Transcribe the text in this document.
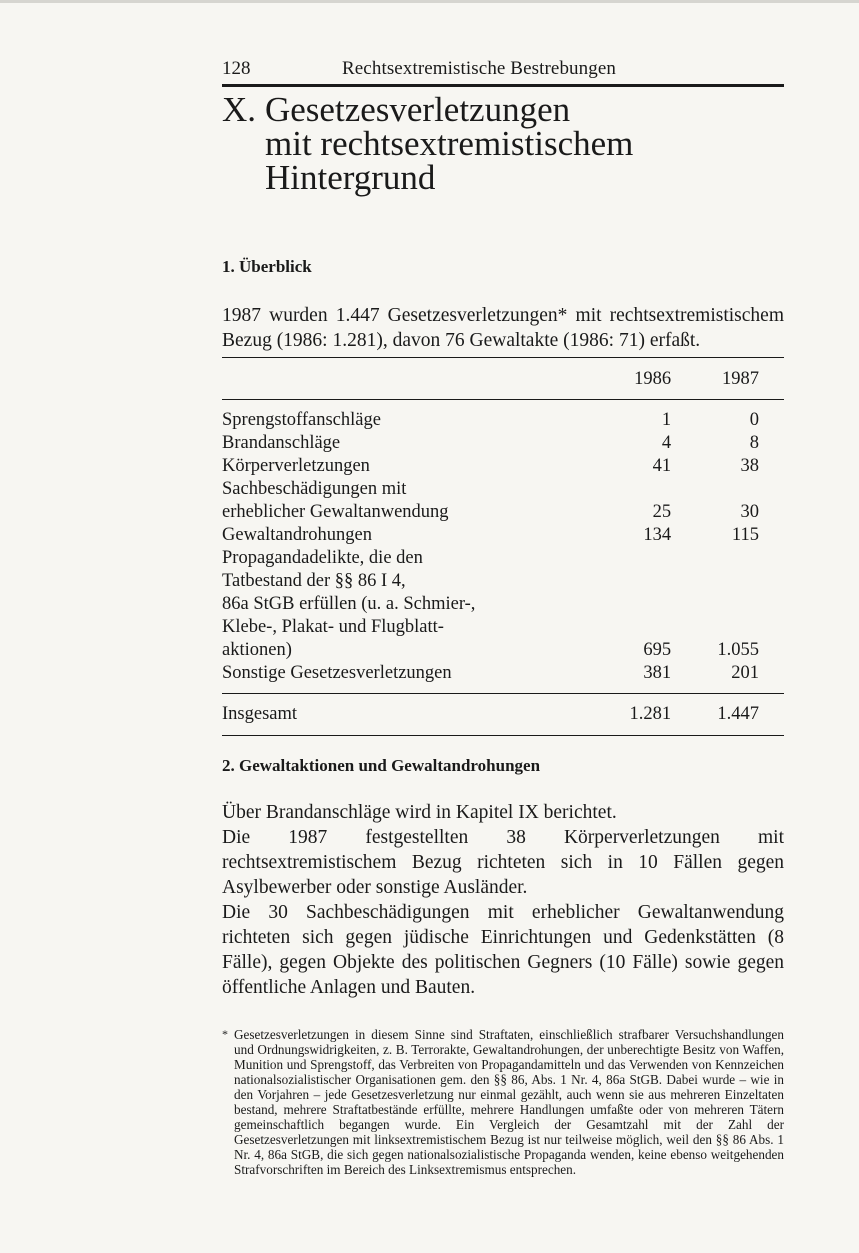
128	Rechtsextremistische Bestrebungen
X. Gesetzesverletzungen
mit rechtsextremistischem Hintergrund
1. Überblick

1987 wurden 1.447 Gesetzesverletzungen* mit rechtsextremistischem Bezug (1986: 1.281), davon 76 Gewaltakte (1986: 71) erfaßt.

	1986	1987
Sprengstoffanschläge	1	0
Brandanschläge	4	8
Körperverletzungen	41	38
Sachbeschädigungen mit
erheblicher Gewaltanwendung	25	30
Gewaltandrohungen	134	115
Propagandadelikte, die den
Tatbestand der §§ 86 I 4,
86a StGB erfüllen (u. a. Schmier-,
Klebe-, Plakat- und Flugblatt-
aktionen)	695	1.055
Sonstige Gesetzesverletzungen	381	201
Insgesamt	1.281	1.447
2. Gewaltaktionen und Gewaltandrohungen

Über Brandanschläge wird in Kapitel IX berichtet.

Die 1987 festgestellten 38 Körperverletzungen mit rechtsextremistischem Bezug richteten sich in 10 Fällen gegen Asylbewerber oder sonstige Ausländer.

Die 30 Sachbeschädigungen mit erheblicher Gewaltanwendung richteten sich gegen jüdische Einrichtungen und Gedenkstätten (8 Fälle), gegen Objekte des politischen Gegners (10 Fälle) sowie gegen öffentliche Anlagen und Bauten.

* Gesetzesverletzungen in diesem Sinne sind Straftaten, einschließlich strafbarer Versuchshandlungen und Ordnungswidrigkeiten, z. B. Terrorakte, Gewaltandrohungen, der unberechtigte Besitz von Waffen, Munition und Sprengstoff, das Verbreiten von Propagandamitteln und das Verwenden von Kennzeichen nationalsozialistischer Organisationen gem. den §§ 86, Abs. 1 Nr. 4, 86a StGB. Dabei wurde – wie in den Vorjahren – jede Gesetzesverletzung nur einmal gezählt, auch wenn sie aus mehreren Einzeltaten bestand, mehrere Straftatbestände erfüllte, mehrere Handlungen umfaßte oder von mehreren Tätern gemeinschaftlich begangen wurde. Ein Vergleich der Gesamtzahl mit der Zahl der Gesetzesverletzungen mit linksextremistischem Bezug ist nur teilweise möglich, weil den §§ 86 Abs. 1 Nr. 4, 86a StGB, die sich gegen nationalsozialistische Propaganda wenden, keine ebenso weitgehenden Strafvorschriften im Bereich des Linksextremismus entsprechen.
